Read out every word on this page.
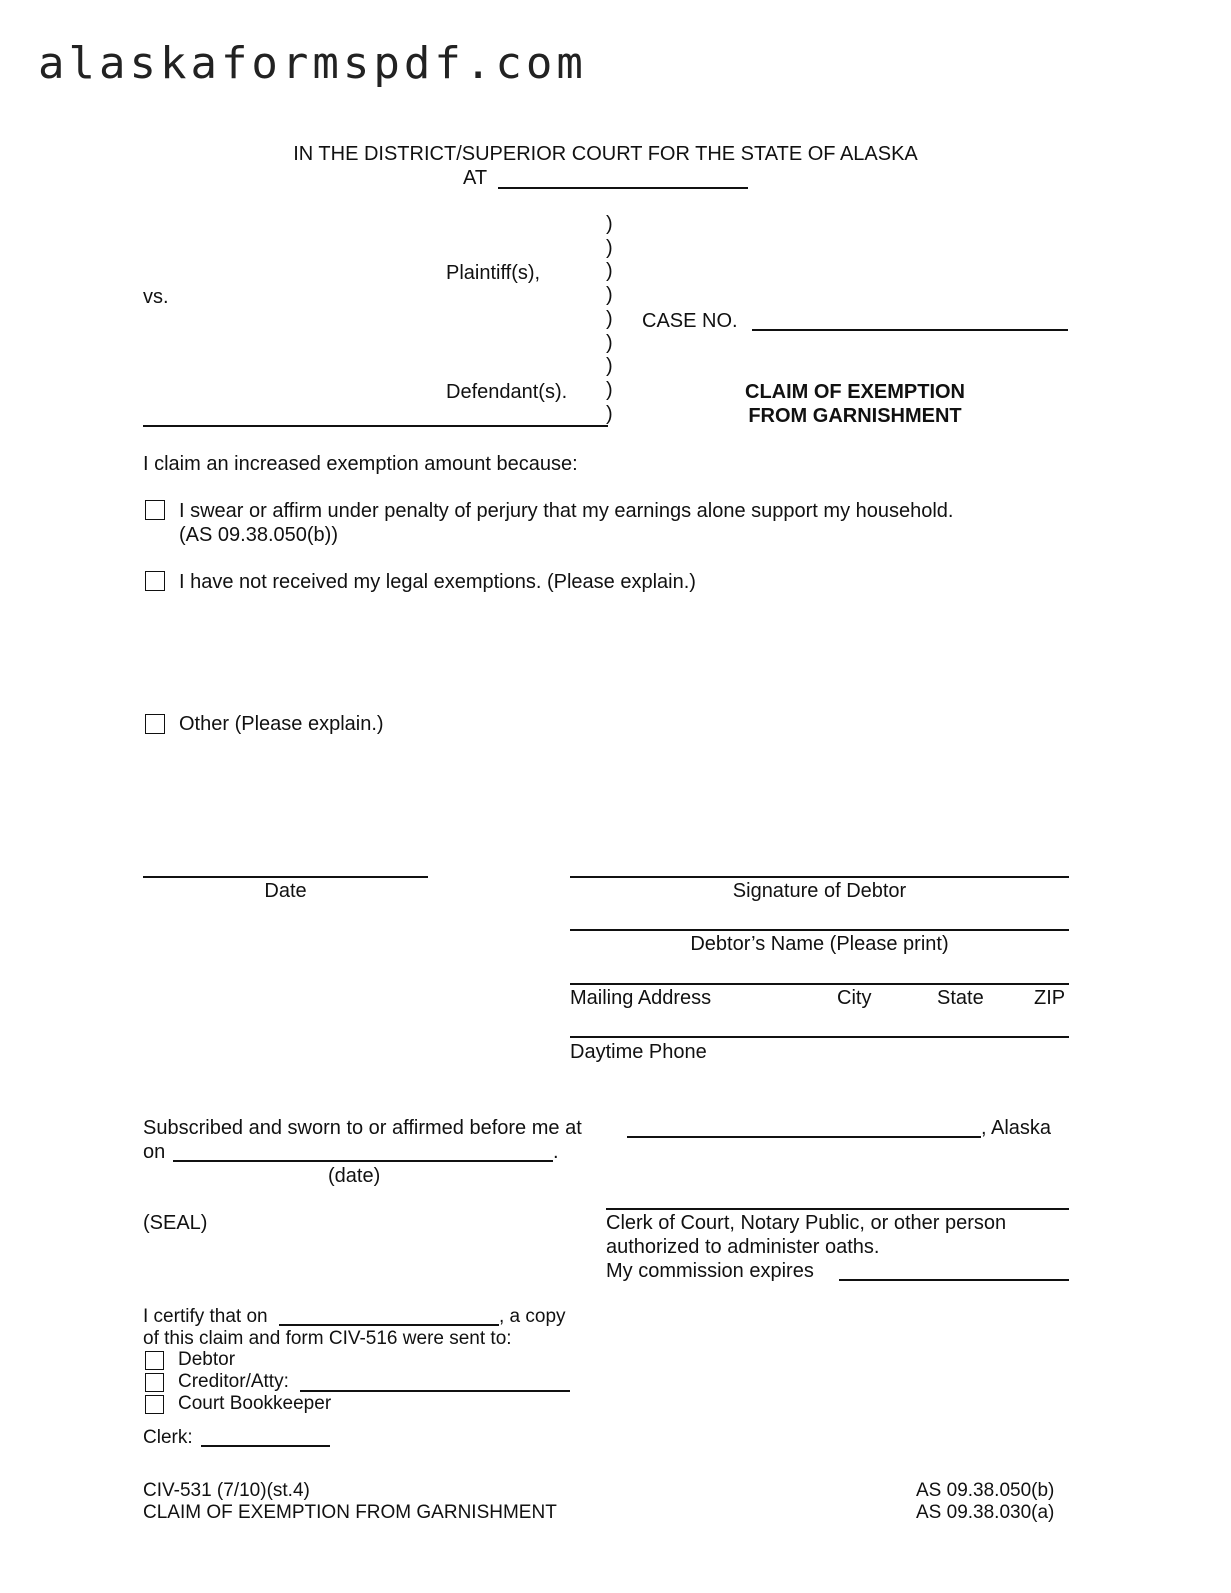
alaskaformspdf.com
IN THE DISTRICT/SUPERIOR COURT FOR THE STATE OF ALASKA
AT
)
)
)
)
)
)
)
)
)
Plaintiff(s),
vs.
Defendant(s).
CASE NO.
CLAIM OF EXEMPTION
FROM GARNISHMENT
I claim an increased exemption amount because:
I swear or affirm under penalty of perjury that my earnings alone support my household.
(AS 09.38.050(b))
I have not received my legal exemptions. (Please explain.)
Other (Please explain.)
Date	Signature of Debtor
Debtor’s Name (Please print)
Mailing Address	City	State	ZIP
Daytime Phone
Subscribed and sworn to or affirmed before me at	, Alaska
on	.
(date)
(SEAL)	Clerk of Court, Notary Public, or other person
authorized to administer oaths.
My commission expires
I certify that on	, a copy
of this claim and form CIV-516 were sent to:
Debtor
Creditor/Atty:
Court Bookkeeper
Clerk:
CIV-531 (7/10)(st.4)
CLAIM OF EXEMPTION FROM GARNISHMENT
AS 09.38.050(b)
AS 09.38.030(a)
